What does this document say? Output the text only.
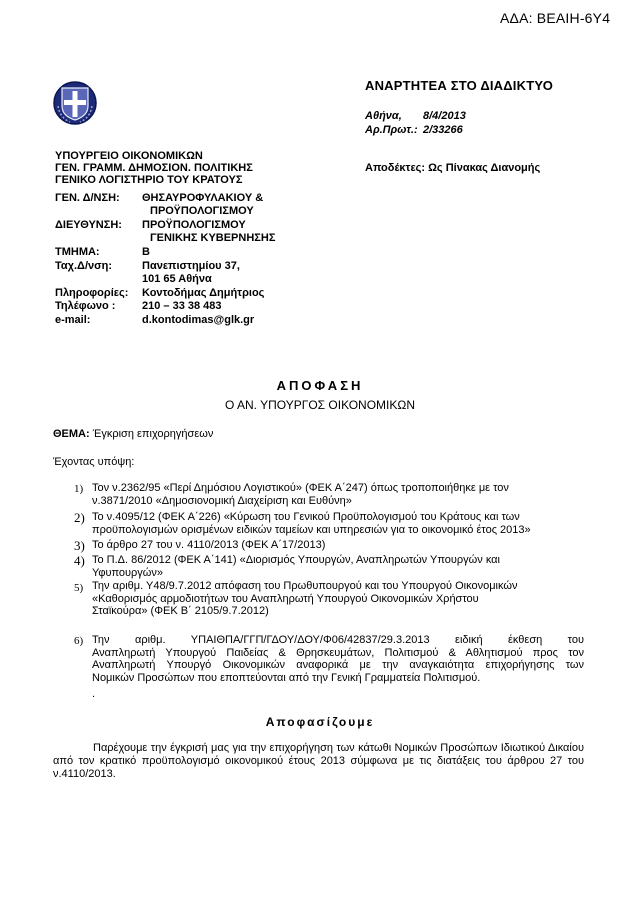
ΑΔΑ: ΒΕΑΙΗ-6Υ4
ΑΝΑΡΤΗΤΕΑ ΣΤΟ ΔΙΑΔΙΚΤΥΟ
Αθήνα, 8/4/2013
Αρ.Πρωτ.: 2/33266
Αποδέκτες: Ως Πίνακας Διανομής
ΥΠΟΥΡΓΕΙΟ ΟΙΚΟΝΟΜΙΚΩΝ
ΓΕΝ. ΓΡΑΜΜ. ΔΗΜΟΣΙΟΝ. ΠΟΛΙΤΙΚΗΣ
ΓΕΝΙΚΟ ΛΟΓΙΣΤΗΡΙΟ ΤΟΥ ΚΡΑΤΟΥΣ
ΓΕΝ. Δ/ΝΣΗ: ΘΗΣΑΥΡΟΦΥΛΑΚΙΟΥ &
ΠΡΟΫΠΟΛΟΓΙΣΜΟΥ
ΔΙΕΥΘΥΝΣΗ: ΠΡΟΫΠΟΛΟΓΙΣΜΟΥ
ΓΕΝΙΚΗΣ ΚΥΒΕΡΝΗΣΗΣ
ΤΜΗΜΑ:	Β
Ταχ.Δ/νση:	Πανεπιστημίου 37,
101 65 Αθήνα
Πληροφορίες: Κοντοδήμας Δημήτριος
Τηλέφωνο : 210 – 33 38 483
e-mail:	d.kontodimas@glk.gr
ΑΠΟΦΑΣΗ
Ο ΑΝ. ΥΠΟΥΡΓΟΣ ΟΙΚΟΝΟΜΙΚΩΝ
ΘΕΜΑ: Έγκριση επιχορηγήσεων
Έχοντας υπόψη:
1) Τον ν.2362/95 «Περί Δημόσιου Λογιστικού» (ΦΕΚ Α΄247) όπως τροποποιήθηκε με τον
ν.3871/2010 «Δημοσιονομική Διαχείριση και Ευθύνη»
2) Το ν.4095/12 (ΦΕΚ Α΄226) «Κύρωση του Γενικού Προϋπολογισμού του Κράτους και των
προϋπολογισμών ορισμένων ειδικών ταμείων και υπηρεσιών για το οικονομικό έτος 2013»
3) Το άρθρο 27 του ν. 4110/2013 (ΦΕΚ Α΄17/2013)
4) Το Π.Δ. 86/2012 (ΦΕΚ Α΄141) «Διορισμός Υπουργών, Αναπληρωτών Υπουργών και
Υφυπουργών»
5) Την αριθμ. Υ48/9.7.2012 απόφαση του Πρωθυπουργού και του Υπουργού Οικονομικών
«Καθορισμός αρμοδιοτήτων του Αναπληρωτή Υπουργού Οικονομικών Χρήστου
Σταϊκούρα» (ΦΕΚ Β΄ 2105/9.7.2012)
6) Την αριθμ. ΥΠΑΙΘΠΑ/ΓΓΠ/ΓΔΟΥ/ΔΟΥ/Φ06/42837/29.3.2013 ειδική έκθεση του
Αναπληρωτή Υπουργού Παιδείας & Θρησκευμάτων, Πολιτισμού & Αθλητισμού προς τον
Αναπληρωτή Υπουργό Οικονομικών αναφορικά με την αναγκαιότητα επιχορήγησης των
Νομικών Προσώπων που εποπτεύονται από την Γενική Γραμματεία Πολιτισμού.
.
Αποφασίζουμε
Παρέχουμε την έγκρισή μας για την επιχορήγηση των κάτωθι Νομικών Προσώπων Ιδιωτικού Δικαίου από τον κρατικό προϋπολογισμό οικονομικού έτους 2013 σύμφωνα με τις διατάξεις του άρθρου 27 του ν.4110/2013.
